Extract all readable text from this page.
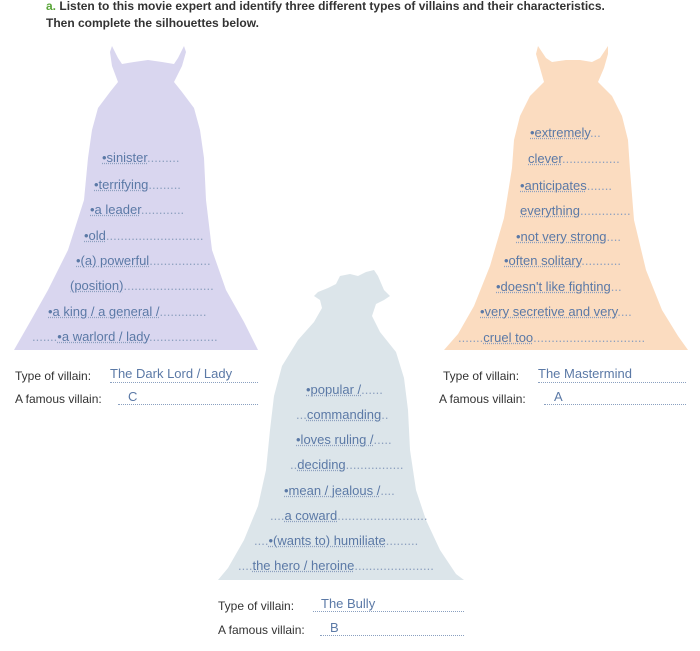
a. Listen to this movie expert and identify three different types of villains and their characteristics.
Then complete the silhouettes below.
•sinister.........
•terrifying.........
•a leader............
•old...........................
•(a) powerful.................
(position).........................
•a king / a general /.............
.......•a warlord / lady...................
•extremely...
clever................
•anticipates.......
everything..............
•not very strong....
•often solitary...........
•doesn't like fighting...
•very secretive and very....
.......cruel too...............................
•popular /......
...commanding..
•loves ruling /.....
..deciding................
•mean / jealous /....
....a coward.........................
....•(wants to) humiliate.........
....the hero / heroine......................
Type of villain: The Dark Lord / Lady
A famous villain:	C
Type of villain: The Mastermind
A famous villain:	A
Type of villain:	The Bully
A famous villain:	B
